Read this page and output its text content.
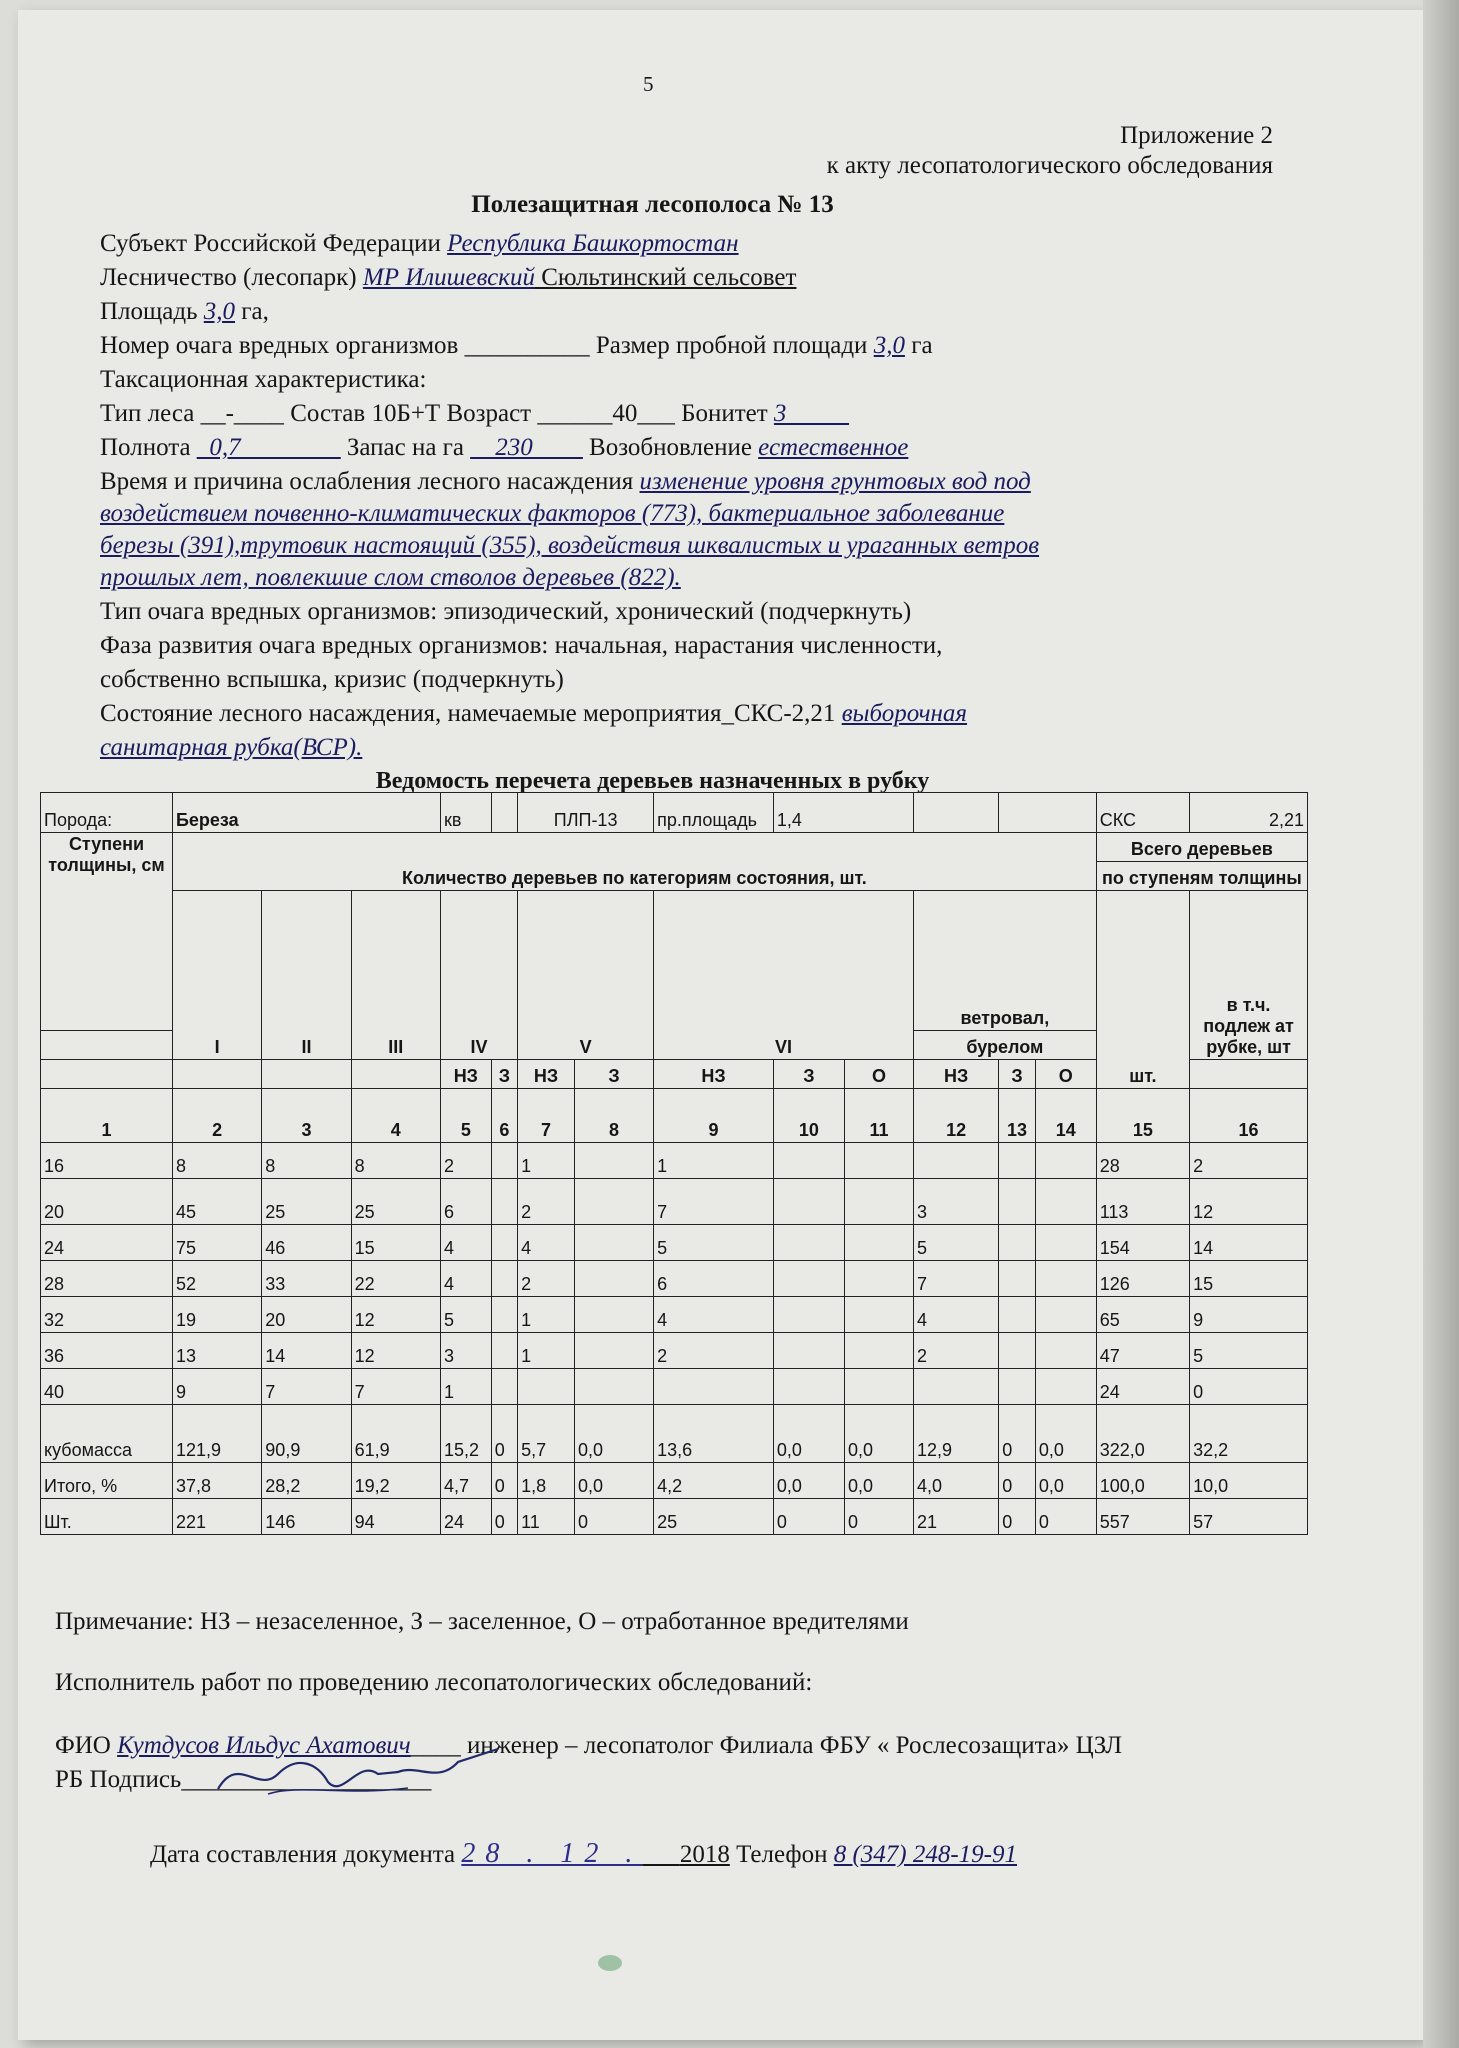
5
Приложение 2
к акту лесопатологического обследования
Полезащитная лесополоса № 13
Субъект Российской Федерации Республика Башкортостан
Лесничество (лесопарк) МР Илишевский Сюльтинский сельсовет
Площадь 3,0 га,
Номер очага вредных организмов __________ Размер пробной площади 3,0 га
Таксационная характеристика:
Тип леса __-____ Состав 10Б+Т Возраст ______40___ Бонитет 3_____
Полнота _0,7________ Запас на га __230____ Возобновление естественное
Время и причина ослабления лесного насаждения изменение уровня грунтовых вод под
воздействием почвенно-климатических факторов (773), бактериальное заболевание
березы (391),трутовик настоящий (355), воздействия шквалистых и ураганных ветров
прошлых лет, повлекшие слом стволов деревьев (822).
Тип очага вредных организмов: эпизодический, хронический (подчеркнуть)
Фаза развития очага вредных организмов: начальная, нарастания численности,
собственно вспышка, кризис (подчеркнуть)
Состояние лесного насаждения, намечаемые мероприятия_СКС-2,21 выборочная
санитарная рубка(ВСР).
Ведомость перечета деревьев назначенных в рубку
Порода:	Береза			кв		ПЛП-13		пр.площадь	1,4					СКС	2,21
Ступени толщины, см	Количество деревьев по категориям состояния, шт.													Всего деревьев	
														по ступеням толщины	
	I	II	III	IV		V		VI			ветровал,			шт.	в т.ч. подлеж ат рубке, шт
											бурелом				
				НЗ	З	НЗ	З	НЗ	З	О	НЗ	З	О		
1	2	3	4	5	6	7	8	9	10	11	12	13	14	15	16
16	8	8	8	2		1		1						28	2
20	45	25	25	6		2		7			3			113	12
24	75	46	15	4		4		5			5			154	14
28	52	33	22	4		2		6			7			126	15
32	19	20	12	5		1		4			4			65	9
36	13	14	12	3		1		2			2			47	5
40	9	7	7	1										24	0
кубомасса	121,9	90,9	61,9	15,2	0	5,7	0,0	13,6	0,0	0,0	12,9	0	0,0	322,0	32,2
Итого, %	37,8	28,2	19,2	4,7	0	1,8	0,0	4,2	0,0	0,0	4,0	0	0,0	100,0	10,0
Шт.	221	146	94	24	0	11	0	25	0	0	21	0	0	557	57
Примечание: НЗ – незаселенное, З – заселенное, О – отработанное вредителями
Исполнитель работ по проведению лесопатологических обследований:
ФИО Кутдусов Ильдус Ахатович____ инженер – лесопатолог Филиала ФБУ « Рослесозащита» ЦЗЛ
РБ Подпись____________________
Дата составления документа 28 . 12 . 2018 Телефон 8 (347) 248-19-91
